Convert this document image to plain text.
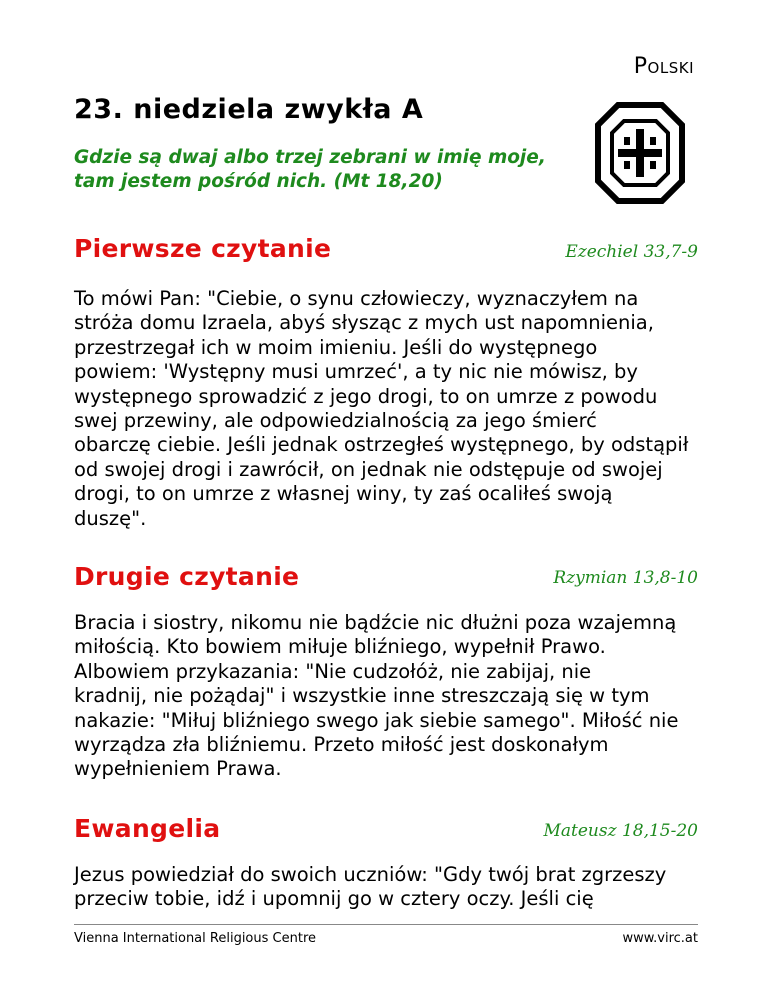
Polski
23. niedziela zwykła A
Gdzie są dwaj albo trzej zebrani w imię moje,
tam jestem pośród nich. (Mt 18,20)
Pierwsze czytanie	Ezechiel 33,7-9
To mówi Pan: "Ciebie, o synu człowieczy, wyznaczyłem na
stróża domu Izraela, abyś słysząc z mych ust napomnienia,
przestrzegał ich w moim imieniu. Jeśli do występnego
powiem: 'Występny musi umrzeć', a ty nic nie mówisz, by
występnego sprowadzić z jego drogi, to on umrze z powodu
swej przewiny, ale odpowiedzialnością za jego śmierć
obarczę ciebie. Jeśli jednak ostrzegłeś występnego, by odstąpił
od swojej drogi i zawrócił, on jednak nie odstępuje od swojej
drogi, to on umrze z własnej winy, ty zaś ocaliłeś swoją
duszę".
Drugie czytanie	Rzymian 13,8-10
Bracia i siostry, nikomu nie bądźcie nic dłużni poza wzajemną
miłością. Kto bowiem miłuje bliźniego, wypełnił Prawo.
Albowiem przykazania: "Nie cudzołóż, nie zabijaj, nie
kradnij, nie pożądaj" i wszystkie inne streszczają się w tym
nakazie: "Miłuj bliźniego swego jak siebie samego". Miłość nie
wyrządza zła bliźniemu. Przeto miłość jest doskonałym
wypełnieniem Prawa.
Ewangelia	Mateusz 18,15-20
Jezus powiedział do swoich uczniów: "Gdy twój brat zgrzeszy
przeciw tobie, idź i upomnij go w cztery oczy. Jeśli cię
Vienna International Religious Centre	www.virc.at
